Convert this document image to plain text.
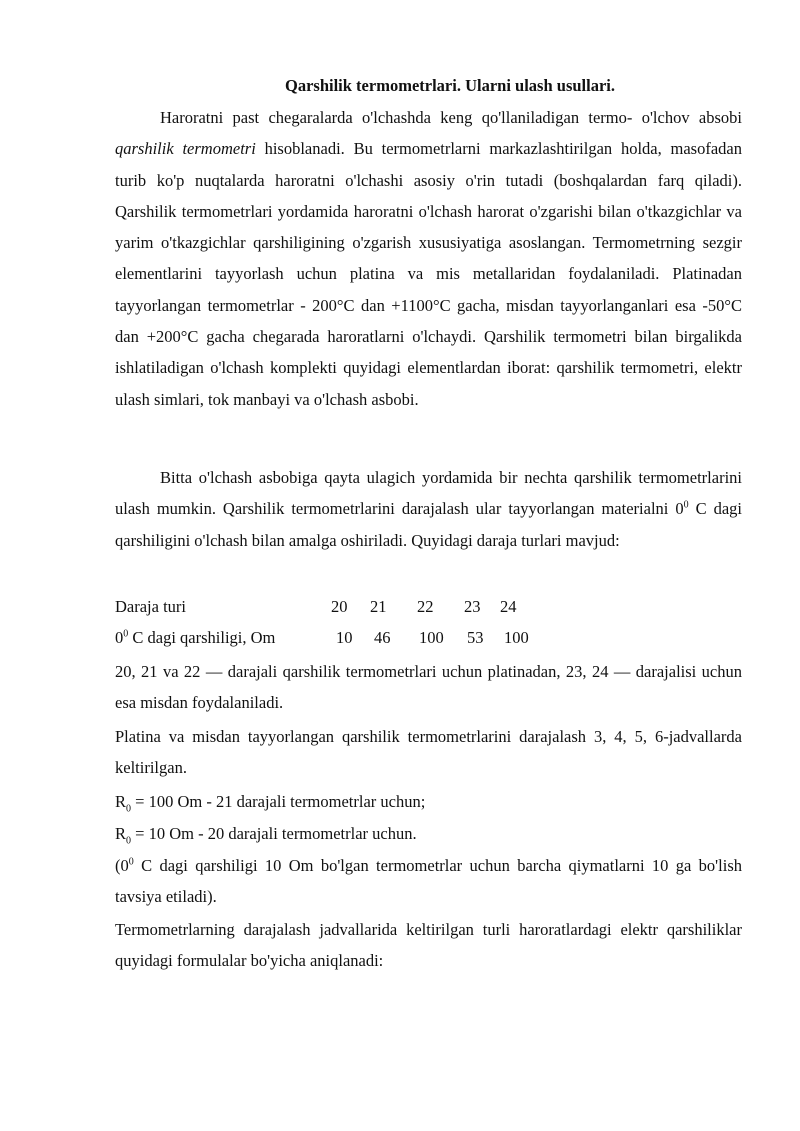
Qarshilik termometrlari. Ularni ulash usullari.
Haroratni past chegaralarda o'lchashda keng qo'llaniladigan termo- o'lchov absobi qarshilik termometri hisoblanadi. Bu termometrlarni markazlashtirilgan holda, masofadan turib ko'p nuqtalarda haroratni o'lchashi asosiy o'rin tutadi (boshqalardan farq qiladi). Qarshilik termometrlari yordamida haroratni o'lchash harorat o'zgarishi bilan o'tkazgichlar va yarim o'tkazgichlar qarshiligining o'zgarish xususiyatiga asoslangan. Termometrning sezgir elementlarini tayyorlash uchun platina va mis metallaridan foydalaniladi. Platinadan tayyorlangan termometrlar - 200°C dan +1100°C gacha, misdan tayyorlanganlari esa -50°C dan +200°C gacha chegarada haroratlarni o'lchaydi. Qarshilik termometri bilan birgalikda ishlatiladigan o'lchash komplekti quyidagi elementlardan iborat: qarshilik termometri, elektr ulash simlari, tok manbayi va o'lchash asbobi.
Bitta o'lchash asbobiga qayta ulagich yordamida bir nechta qarshilik termometrlarini ulash mumkin. Qarshilik termometrlarini darajalash ular tayyorlangan materialni $0^0$ C dagi qarshiligini o'lchash bilan amalga oshiriladi. Quyidagi daraja turlari mavjud:
Daraja turi	20 21 22 23 24
$0^0$ C dagi qarshiligi, Om	10 46 100 53 100
20, 21 va 22 — darajali qarshilik termometrlari uchun platinadan, 23, 24 — darajalisi uchun esa misdan foydalaniladi.
Platina va misdan tayyorlangan qarshilik termometrlarini darajalash 3, 4, 5, 6-jadvallarda keltirilgan.
$R_0 = 100$ Om - 21 darajali termometrlar uchun;
$R_0 = 10$ Om - 20 darajali termometrlar uchun.
($0^0$ C dagi qarshiligi 10 Om bo'lgan termometrlar uchun barcha qiymatlarni 10 ga bo'lish tavsiya etiladi).
Termometrlarning darajalash jadvallarida keltirilgan turli haroratlardagi elektr qarshiliklar quyidagi formulalar bo'yicha aniqlanadi:
